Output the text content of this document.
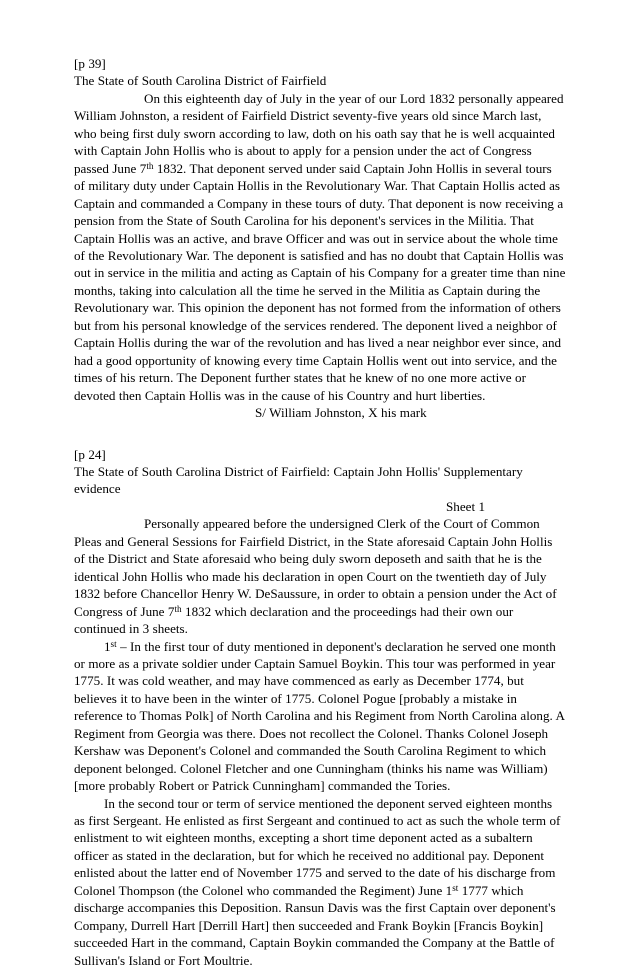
[p 39]
The State of South Carolina District of Fairfield
On this eighteenth day of July in the year of our Lord 1832 personally appeared William Johnston, a resident of Fairfield District seventy-five years old since March last, who being first duly sworn according to law, doth on his oath say that he is well acquainted with Captain John Hollis who is about to apply for a pension under the act of Congress passed June 7th 1832. That deponent served under said Captain John Hollis in several tours of military duty under Captain Hollis in the Revolutionary War. That Captain Hollis acted as Captain and commanded a Company in these tours of duty. That deponent is now receiving a pension from the State of South Carolina for his deponent's services in the Militia. That Captain Hollis was an active, and brave Officer and was out in service about the whole time of the Revolutionary War. The deponent is satisfied and has no doubt that Captain Hollis was out in service in the militia and acting as Captain of his Company for a greater time than nine months, taking into calculation all the time he served in the Militia as Captain during the Revolutionary war. This opinion the deponent has not formed from the information of others but from his personal knowledge of the services rendered. The deponent lived a neighbor of Captain Hollis during the war of the revolution and has lived a near neighbor ever since, and had a good opportunity of knowing every time Captain Hollis went out into service, and the times of his return. The Deponent further states that he knew of no one more active or devoted then Captain Hollis was in the cause of his Country and hurt liberties.
S/ William Johnston, X his mark

[p 24]
The State of South Carolina District of Fairfield: Captain John Hollis' Supplementary evidence
Sheet 1
Personally appeared before the undersigned Clerk of the Court of Common Pleas and General Sessions for Fairfield District, in the State aforesaid Captain John Hollis of the District and State aforesaid who being duly sworn deposeth and saith that he is the identical John Hollis who made his declaration in open Court on the twentieth day of July 1832 before Chancellor Henry W. DeSaussure, in order to obtain a pension under the Act of Congress of June 7th 1832 which declaration and the proceedings had their own our continued in 3 sheets.
1st – In the first tour of duty mentioned in deponent's declaration he served one month or more as a private soldier under Captain Samuel Boykin. This tour was performed in year 1775. It was cold weather, and may have commenced as early as December 1774, but believes it to have been in the winter of 1775. Colonel Pogue [probably a mistake in reference to Thomas Polk] of North Carolina and his Regiment from North Carolina along. A Regiment from Georgia was there. Does not recollect the Colonel. Thanks Colonel Joseph Kershaw was Deponent's Colonel and commanded the South Carolina Regiment to which deponent belonged. Colonel Fletcher and one Cunningham (thinks his name was William) [more probably Robert or Patrick Cunningham] commanded the Tories.
In the second tour or term of service mentioned the deponent served eighteen months as first Sergeant. He enlisted as first Sergeant and continued to act as such the whole term of enlistment to wit eighteen months, excepting a short time deponent acted as a subaltern officer as stated in the declaration, but for which he received no additional pay. Deponent enlisted about the latter end of November 1775 and served to the date of his discharge from Colonel Thompson (the Colonel who commanded the Regiment) June 1st 1777 which discharge accompanies this Deposition. Ransun Davis was the first Captain over deponent's Company, Durrell Hart [Derrill Hart] then succeeded and Frank Boykin [Francis Boykin] succeeded Hart in the command, Captain Boykin commanded the Company at the Battle of Sullivan's Island or Fort Moultrie.
